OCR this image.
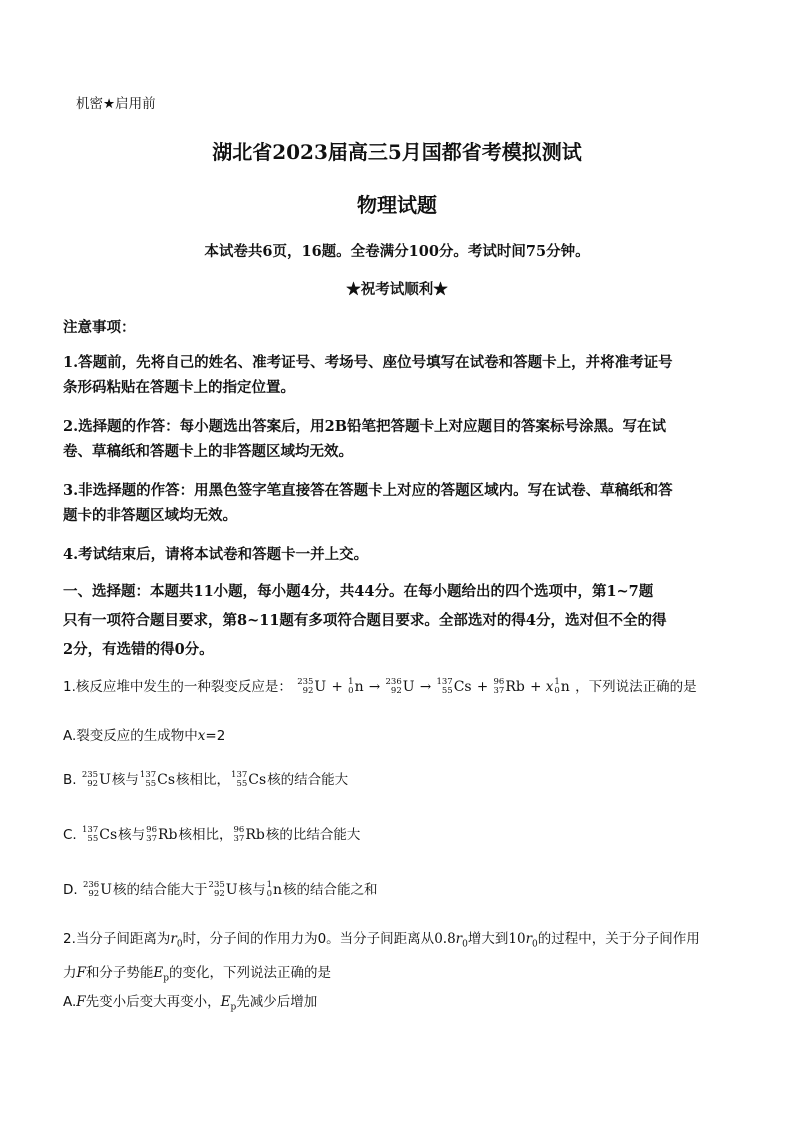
机密★启用前
湖北省2023届高三5月国都省考模拟测试
物理试题
本试卷共6页，16题。全卷满分100分。考试时间75分钟。
★祝考试顺利★
注意事项：
1.答题前，先将自己的姓名、准考证号、考场号、座位号填写在试卷和答题卡上，并将准考证号
条形码粘贴在答题卡上的指定位置。
2.选择题的作答：每小题选出答案后，用2B铅笔把答题卡上对应题目的答案标号涂黑。写在试
卷、草稿纸和答题卡上的非答题区域均无效。
3.非选择题的作答：用黑色签字笔直接答在答题卡上对应的答题区域内。写在试卷、草稿纸和答
题卡的非答题区域均无效。
4.考试结束后，请将本试卷和答题卡一并上交。
一、选择题：本题共11小题，每小题4分，共44分。在每小题给出的四个选项中，第1~7题
只有一项符合题目要求，第8~11题有多项符合题目要求。全部选对的得4分，选对但不全的得
2分，有选错的得0分。
1.核反应堆中发生的一种裂变反应是： 235
92 U + 1
0 n → 236
92 U → 137
55 Cs + 96
37 Rb + x 1
0 n ，下列说法正确的是
A.裂变反应的生成物中x=2
B. 235
92 U 核与 137
55 Cs 核相比， 137
55 Cs 核的结合能大
C. 137
55 Cs 核与 96
37 Rb 核相比， 96
37 Rb 核的比结合能大
D. 236
92 U 核的结合能大于 235
92 U 核与 1
0 n 核的结合能之和
2.当分子间距离为$r_0$时，分子间的作用力为0。当分子间距离从$0.8r_0$增大到$10r_0$的过程中，关于分子间作用
力F和分子势能$E_p$的变化，下列说法正确的是
A.F先变小后变大再变小，$E_p$先减少后增加
